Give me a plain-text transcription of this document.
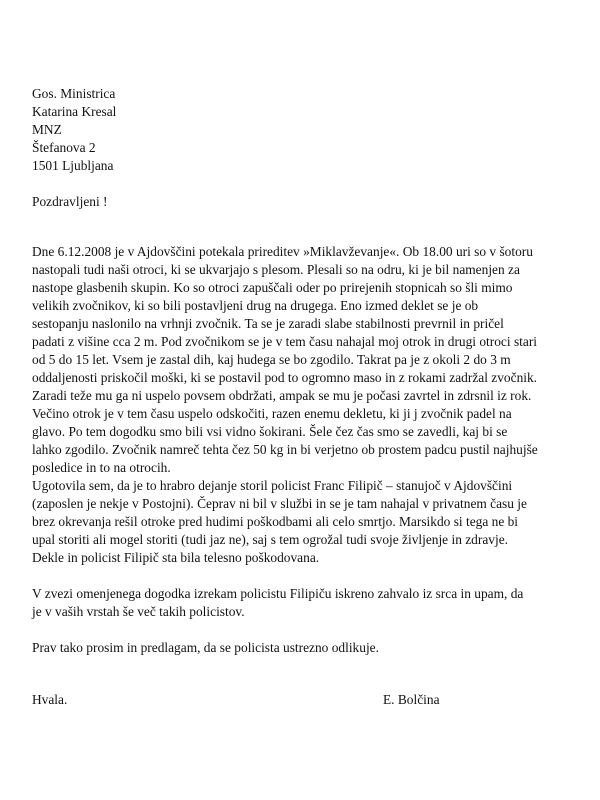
Gos. Ministrica
Katarina Kresal
MNZ
Štefanova 2
1501 Ljubljana
Pozdravljeni !
Dne 6.12.2008 je v Ajdovščini potekala prireditev »Miklavževanje«. Ob 18.00 uri so v šotoru
nastopali tudi naši otroci, ki se ukvarjajo s plesom. Plesali so na odru, ki je bil namenjen za
nastope glasbenih skupin. Ko so otroci zapuščali oder po prirejenih stopnicah so šli mimo
velikih zvočnikov, ki so bili postavljeni drug na drugega. Eno izmed deklet se je ob
sestopanju naslonilo na vrhnji zvočnik. Ta se je zaradi slabe stabilnosti prevrnil in pričel
padati z višine cca 2 m. Pod zvočnikom se je v tem času nahajal moj otrok in drugi otroci stari
od 5 do 15 let. Vsem je zastal dih, kaj hudega se bo zgodilo. Takrat pa je z okoli 2 do 3 m
oddaljenosti priskočil moški, ki se postavil pod to ogromno maso in z rokami zadržal zvočnik.
Zaradi teže mu ga ni uspelo povsem obdržati, ampak se mu je počasi zavrtel in zdrsnil iz rok.
Večino otrok je v tem času uspelo odskočiti, razen enemu dekletu, ki ji j zvočnik padel na
glavo. Po tem dogodku smo bili vsi vidno šokirani. Šele čez čas smo se zavedli, kaj bi se
lahko zgodilo. Zvočnik namreč tehta čez 50 kg in bi verjetno ob prostem padcu pustil najhujše
posledice in to na otrocih.
Ugotovila sem, da je to hrabro dejanje storil policist Franc Filipič – stanujoč v Ajdovščini
(zaposlen je nekje v Postojni). Čeprav ni bil v službi in se je tam nahajal v privatnem času je
brez okrevanja rešil otroke pred hudimi poškodbami ali celo smrtjo. Marsikdo si tega ne bi
upal storiti ali mogel storiti (tudi jaz ne), saj s tem ogrožal tudi svoje življenje in zdravje.
Dekle in policist Filipič sta bila telesno poškodovana.
V zvezi omenjenega dogodka izrekam policistu Filipiču iskreno zahvalo iz srca in upam, da
je v vaših vrstah še več takih policistov.
Prav tako prosim in predlagam, da se policista ustrezno odlikuje.
Hvala.	E. Bolčina
